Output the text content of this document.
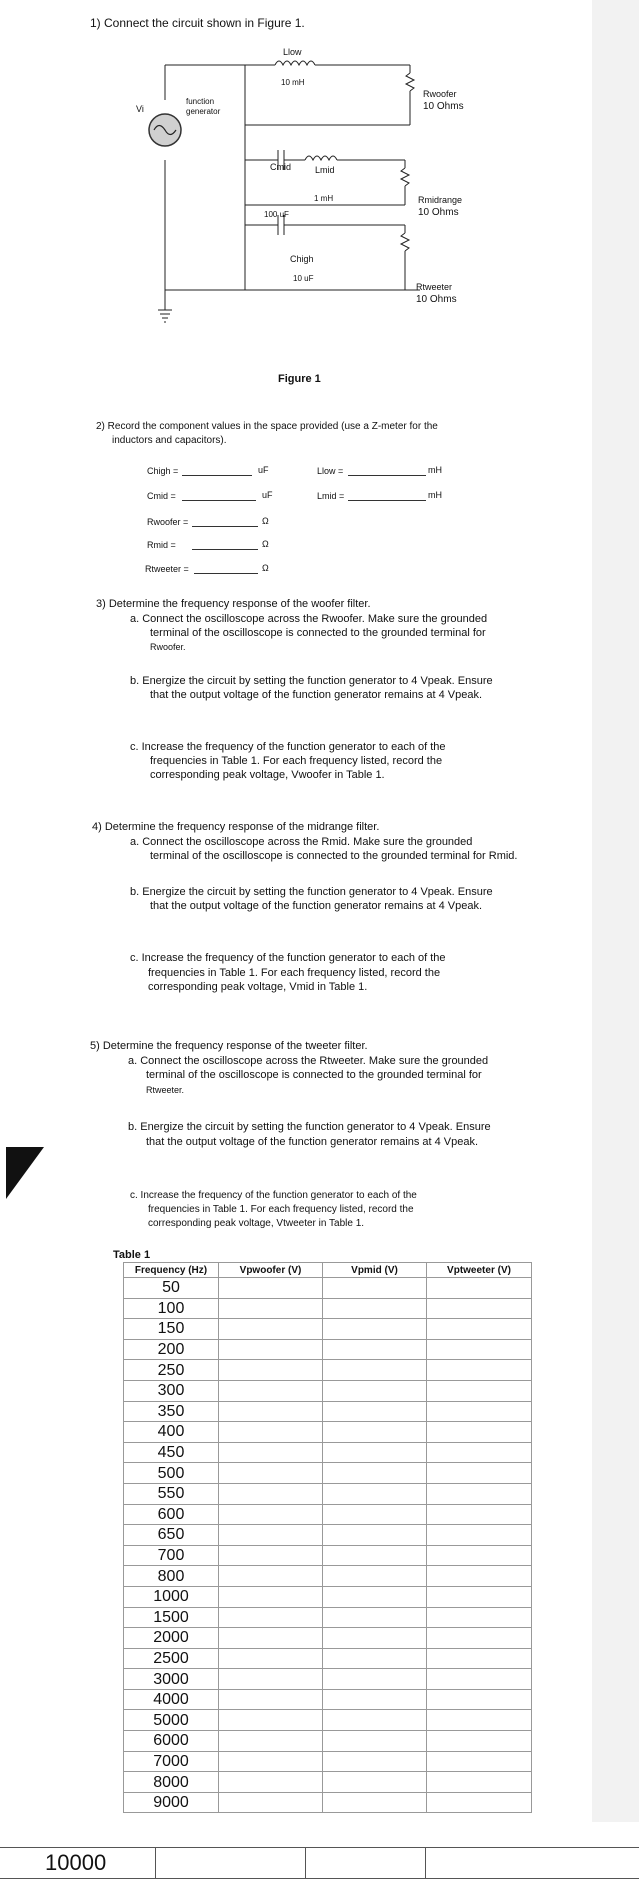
1) Connect the circuit shown in Figure 1.
Vi
function
generator
Llow
10 mH
Rwoofer
10 Ohms
Cmid	Lmid
1 mH
100 uF
Rmidrange
10 Ohms
Chigh
10 uF
Rtweeter
10 Ohms
Figure 1
2) Record the component values in the space provided (use a Z-meter for the
inductors and capacitors).
Chigh =	uF
Cmid =	uF
Rwoofer =	Ω
Rmid =	Ω
Rtweeter =	Ω
Llow =	mH
Lmid =	mH
3) Determine the frequency response of the woofer filter.
a. Connect the oscilloscope across the Rwoofer. Make sure the grounded
terminal of the oscilloscope is connected to the grounded terminal for
Rwoofer.
b. Energize the circuit by setting the function generator to 4 Vpeak. Ensure
that the output voltage of the function generator remains at 4 Vpeak.
c. Increase the frequency of the function generator to each of the
frequencies in Table 1. For each frequency listed, record the
corresponding peak voltage, Vwoofer in Table 1.
4) Determine the frequency response of the midrange filter.
a. Connect the oscilloscope across the Rmid. Make sure the grounded
terminal of the oscilloscope is connected to the grounded terminal for Rmid.
b. Energize the circuit by setting the function generator to 4 Vpeak. Ensure
that the output voltage of the function generator remains at 4 Vpeak.
c. Increase the frequency of the function generator to each of the
frequencies in Table 1. For each frequency listed, record the
corresponding peak voltage, Vmid in Table 1.
5) Determine the frequency response of the tweeter filter.
a. Connect the oscilloscope across the Rtweeter. Make sure the grounded
terminal of the oscilloscope is connected to the grounded terminal for
Rtweeter.
b. Energize the circuit by setting the function generator to 4 Vpeak. Ensure
that the output voltage of the function generator remains at 4 Vpeak.
c. Increase the frequency of the function generator to each of the
frequencies in Table 1. For each frequency listed, record the
corresponding peak voltage, Vtweeter in Table 1.
Table 1
Frequency (Hz)	Vpwoofer (V)	Vpmid (V)	Vptweeter (V)
50			
100			
150			
200			
250			
300			
350			
400			
450			
500			
550			
600			
650			
700			
800			
1000			
1500			
2000			
2500			
3000			
4000			
5000			
6000			
7000			
8000			
9000			
10000
